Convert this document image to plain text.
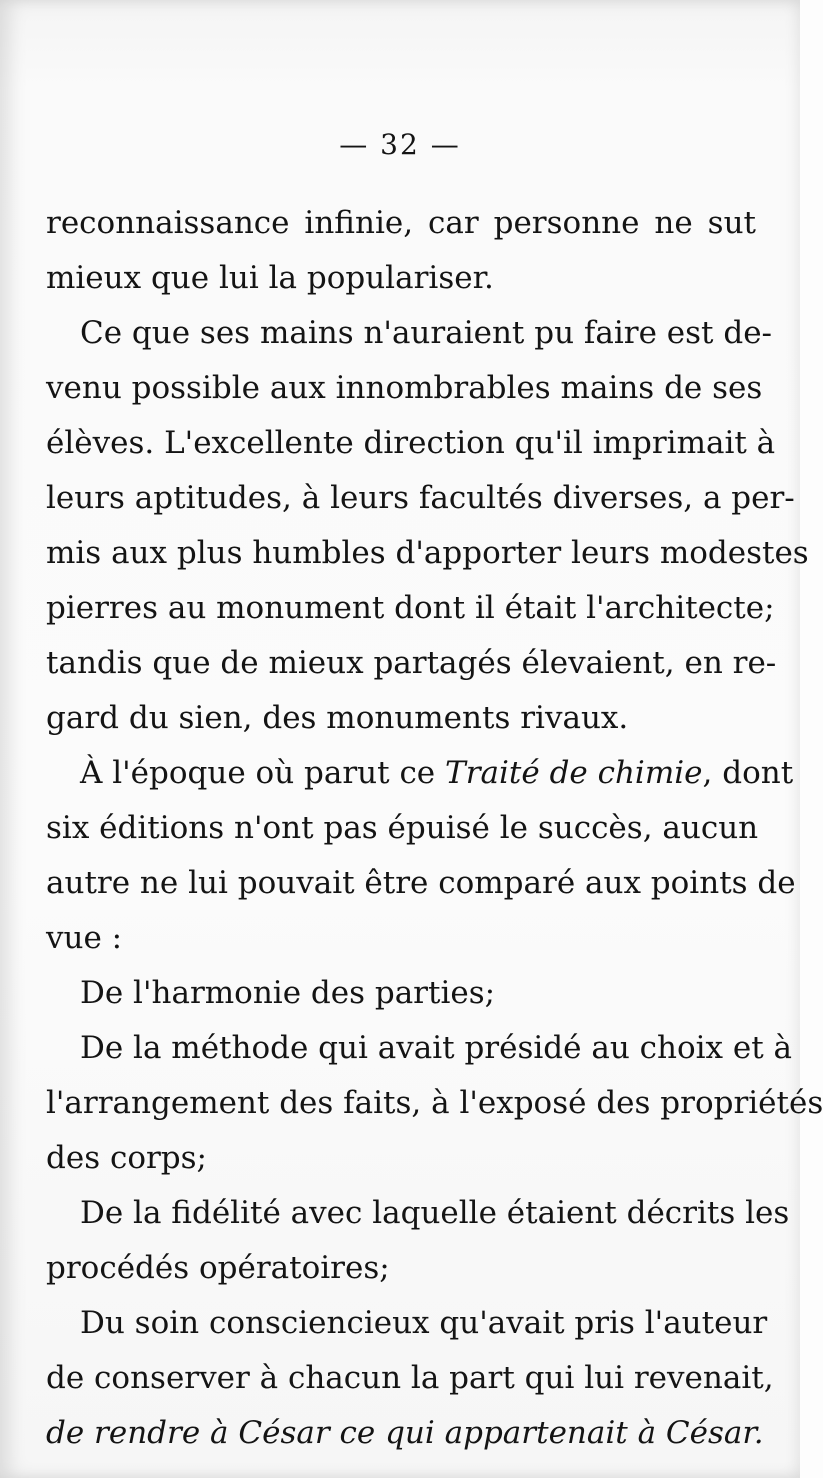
— 32 —
reconnaissance infinie, car personne ne sut
mieux que lui la populariser.
Ce que ses mains n'auraient pu faire est de-
venu possible aux innombrables mains de ses
élèves. L'excellente direction qu'il imprimait à
leurs aptitudes, à leurs facultés diverses, a per-
mis aux plus humbles d'apporter leurs modestes
pierres au monument dont il était l'architecte;
tandis que de mieux partagés élevaient, en re-
gard du sien, des monuments rivaux.
À l'époque où parut ce Traité de chimie, dont
six éditions n'ont pas épuisé le succès, aucun
autre ne lui pouvait être comparé aux points de
vue :
De l'harmonie des parties;
De la méthode qui avait présidé au choix et à
l'arrangement des faits, à l'exposé des propriétés
des corps;
De la fidélité avec laquelle étaient décrits les
procédés opératoires;
Du soin consciencieux qu'avait pris l'auteur
de conserver à chacun la part qui lui revenait,
de rendre à César ce qui appartenait à César.
